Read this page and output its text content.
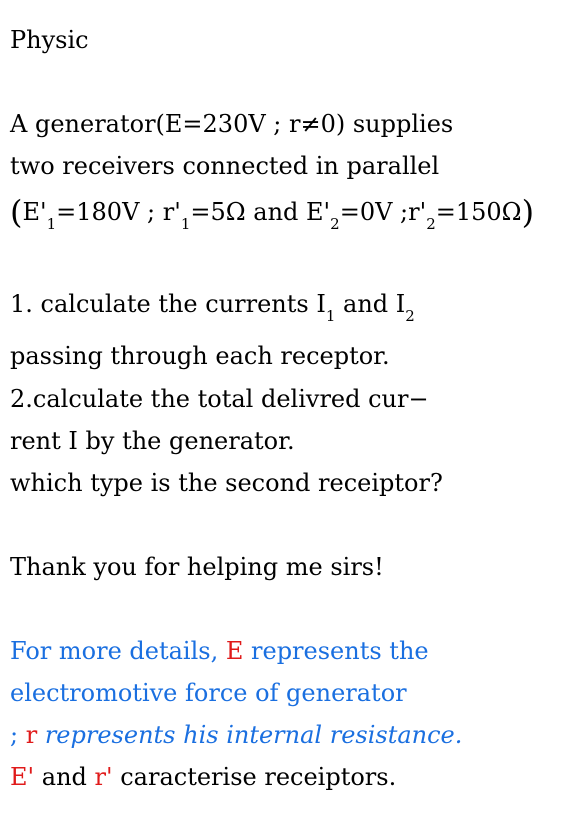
Physic
A generator(E=230V ; r≠0) supplies
two receivers connected in parallel
($E'_1=180V$ ; $r'_1=5\Omega$ and $E'_2=0V$ $;r'_2=150\Omega$)
1. calculate the currents $I_1$ and $I_2$
passing through each receptor.
2.calculate the total delivred cur−
rent I by the generator.
which type is the second receiptor?
Thank you for helping me sirs!
For more details, E represents the
electromotive force of generator
; r represents his internal resistance.
E' and r' caracterise receiptors.
